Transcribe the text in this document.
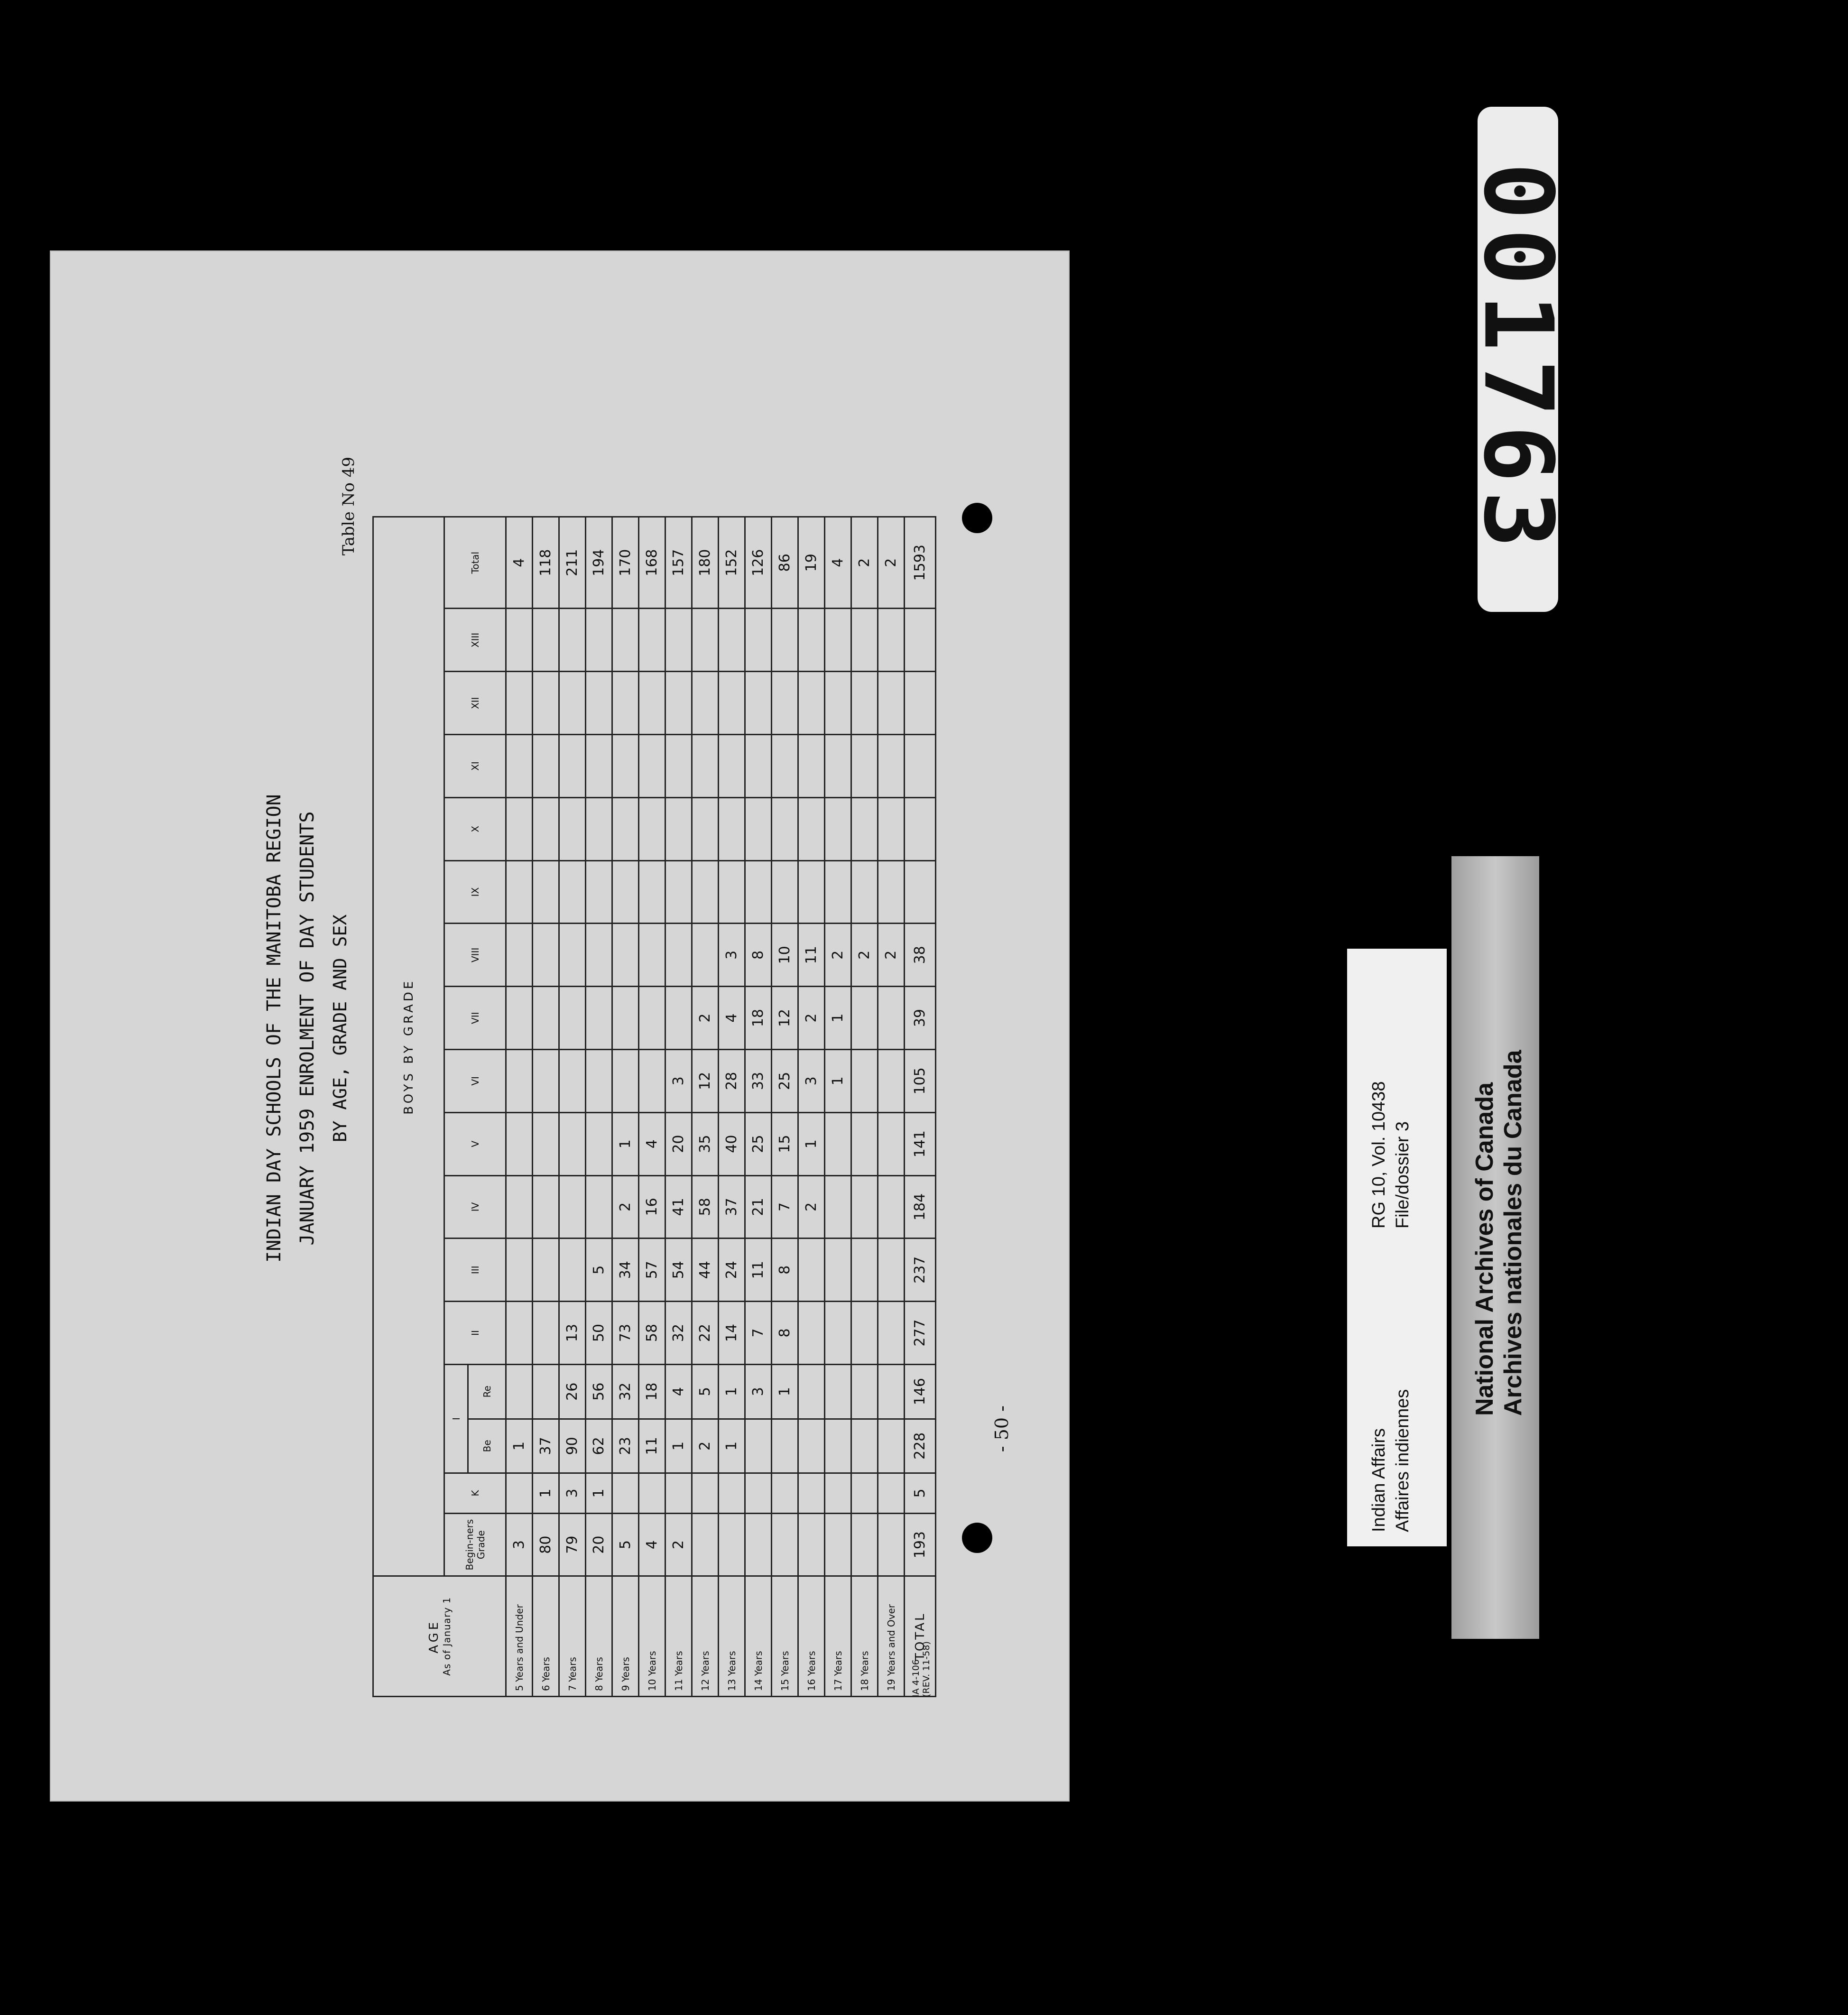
INDIAN DAY SCHOOLS OF THE MANITOBA REGION JANUARY 1959 ENROLMENT OF DAY STUDENTS BY AGE, GRADE AND SEX
Table No 49
- 50 -
AGE As of January 1	BOYS BY GRADE																
	Begin-ners Grade	K	I		II	III	IV	V	VI	VII	VIII	IX	X	XI	XII	XIII	Total
			Be	Re													
5 Years and Under	3		1														4
6 Years	80	1	37														118
7 Years	79	3	90	26	13												211
8 Years	20	1	62	56	50	5											194
9 Years	5		23	32	73	34	2	1									170
10 Years	4		11	18	58	57	16	4									168
11 Years	2		1	4	32	54	41	20	3								157
12 Years			2	5	22	44	58	35	12	2							180
13 Years			1	1	14	24	37	40	28	4	3						152
14 Years				3	7	11	21	25	33	18	8						126
15 Years				1	8	8	7	15	25	12	10						86
16 Years							2	1	3	2	11						19
17 Years									1	1	2						4
18 Years											2						2
19 Years and Over											2						2
TOTAL	193	5	228	146	277	237	184	141	105	39	38						1593
IA 4-106
(REV. 11-58)
001763
Indian Affairs Affaires indiennes
RG 10, Vol. 10438 File/dossier 3 National Archives of Canada Archives nationales du Canada
